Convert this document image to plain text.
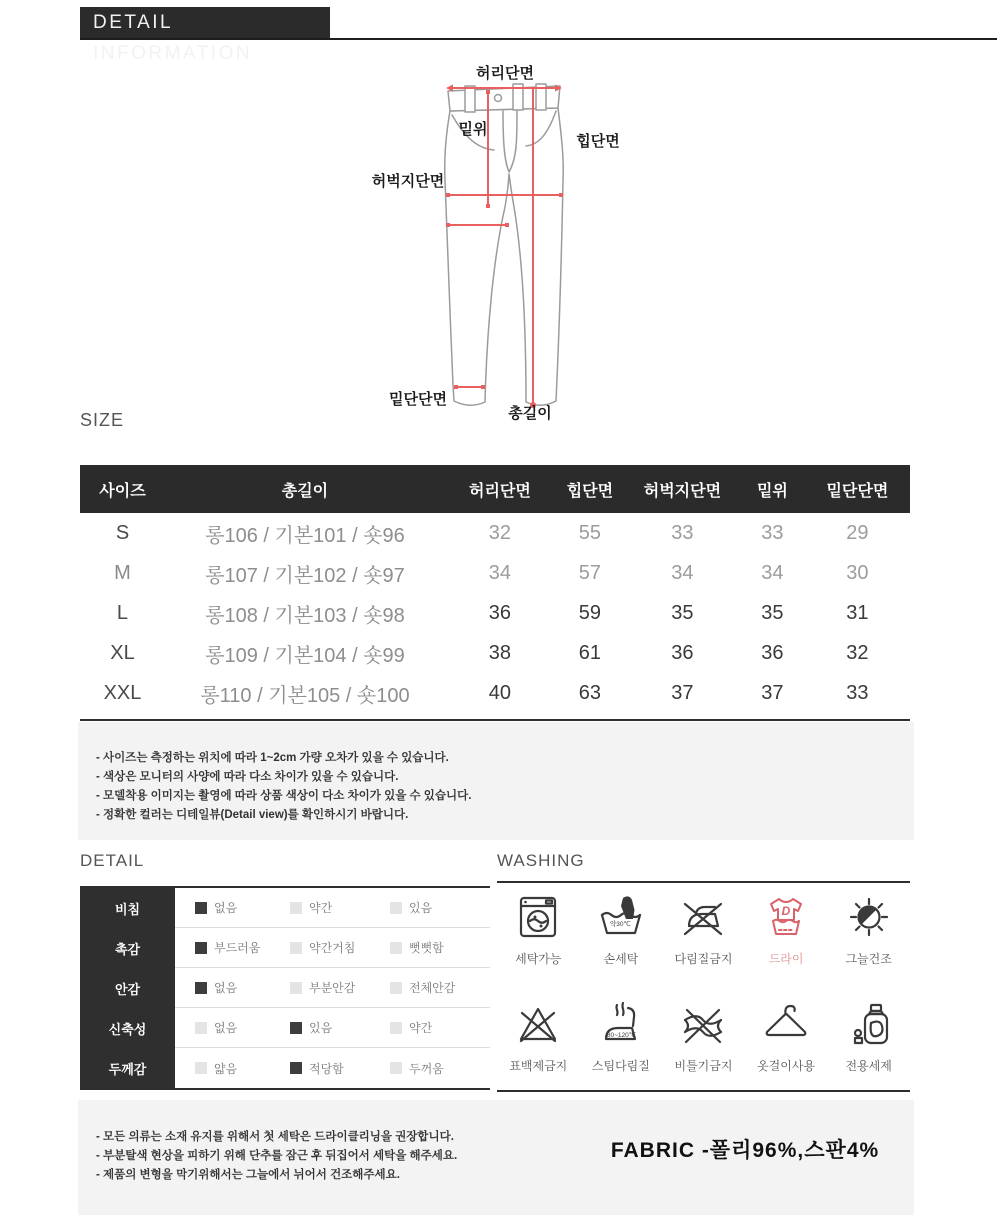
DETAIL INFORMATION
허리단면
밑위
힙단면
허벅지단면
밑단단면
총길이
SIZE
사이즈	총길이	허리단면	힙단면	허벅지단면	밑위	밑단단면
S	롱106 / 기본101 / 숏96	32	55	33	33	29
M	롱107 / 기본102 / 숏97	34	57	34	34	30
L	롱108 / 기본103 / 숏98	36	59	35	35	31
XL	롱109 / 기본104 / 숏99	38	61	36	36	32
XXL	롱110 / 기본105 / 숏100	40	63	37	37	33
- 사이즈는 측정하는 위치에 따라 1~2cm 가량 오차가 있을 수 있습니다.
- 색상은 모니터의 사양에 따라 다소 차이가 있을 수 있습니다.
- 모델착용 이미지는 촬영에 따라 상품 색상이 다소 차이가 있을 수 있습니다.
- 정확한 컬러는 디테일뷰(Detail view)를 확인하시기 바랍니다.
DETAIL
비침	없음	약간	있음
촉감	부드러움	약간거침	뻣뻣함
안감	없음	부분안감	전체안감
신축성	없음	있음	약간
두께감	얇음	적당함	두꺼움
WASHING
세탁가능
약30℃
손세탁	다림질금지
D
드라이	그늘건조
표백제금지
80~120℃
스팀다림질 비틀기금지 옷걸이사용	전용세제
- 모든 의류는 소재 유지를 위해서 첫 세탁은 드라이클리닝을 권장합니다.
- 부분탈색 현상을 피하기 위해 단추를 잠근 후 뒤집어서 세탁을 해주세요.
- 제품의 변형을 막기위해서는 그늘에서 뉘어서 건조해주세요.
FABRIC -폴리96%,스판4%
